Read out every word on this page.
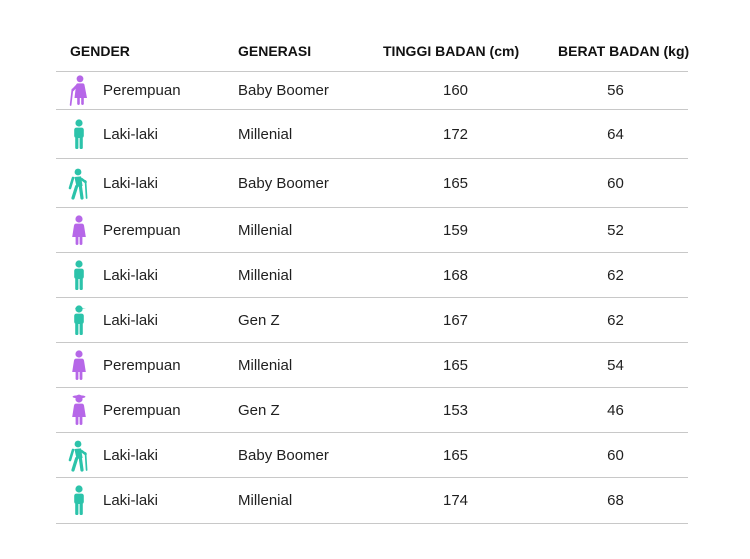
GENDER	GENERASI	TINGGI BADAN (cm)	BERAT BADAN (kg)
Perempuan	Baby Boomer	160	56
Laki-laki	Millenial	172	64
Laki-laki	Baby Boomer	165	60
Perempuan	Millenial	159	52
Laki-laki	Millenial	168	62
Laki-laki	Gen Z	167	62
Perempuan	Millenial	165	54
Perempuan	Gen Z	153	46
Laki-laki	Baby Boomer	165	60
Laki-laki	Millenial	174	68
